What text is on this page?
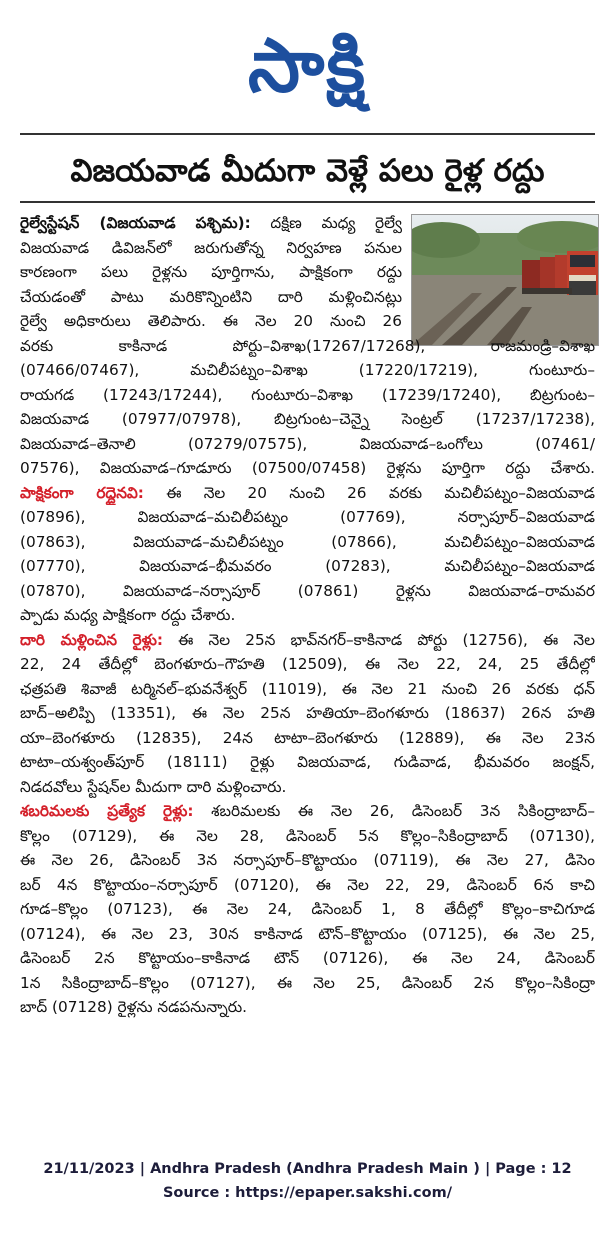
సాక్షి
విజయవాడ మీదుగా వెళ్లే పలు రైళ్ల రద్దు
రైల్వేస్టేషన్ (విజయవాడ పశ్చిమ): దక్షిణ మధ్య రైల్వే
విజయవాడ డివిజన్‌లో జరుగుతోన్న నిర్వహణ పనుల
కారణంగా పలు రైళ్లను పూర్తిగాను, పాక్షికంగా రద్దు
చేయడంతో పాటు మరికొన్నింటిని దారి మళ్లించినట్లు
రైల్వే అధికారులు తెలిపారు. ఈ నెల 20 నుంచి 26
వరకు కాకినాడ పోర్టు–విశాఖ(17267/17268), రాజమండ్రి–విశాఖ
(07466/07467), మచిలీపట్నం–విశాఖ (17220/17219), గుంటూరు–
రాయగడ (17243/17244), గుంటూరు–విశాఖ (17239/17240), బిట్రగుంట–
విజయవాడ (07977/07978), బిట్రగుంట–చెన్నై సెంట్రల్ (17237/17238),
విజయవాడ–తెనాలి (07279/07575), విజయవాడ–ఒంగోలు (07461/
07576), విజయవాడ–గూడూరు (07500/07458) రైళ్లను పూర్తిగా రద్దు చేశారు.
పాక్షికంగా రద్దైనవి: ఈ నెల 20 నుంచి 26 వరకు మచిలీపట్నం–విజయవాడ
(07896), విజయవాడ–మచిలీపట్నం (07769), నర్సాపూర్–విజయవాడ
(07863), విజయవాడ–మచిలీపట్నం (07866), మచిలీపట్నం–విజయవాడ
(07770), విజయవాడ–భీమవరం (07283), మచిలీపట్నం–విజయవాడ
(07870), విజయవాడ–నర్సాపూర్ (07861) రైళ్లను విజయవాడ–రామవర
ప్పాడు మధ్య పాక్షికంగా రద్దు చేశారు.
దారి మళ్లించిన రైళ్లు: ఈ నెల 25న భావ్‌నగర్–కాకినాడ పోర్టు (12756), ఈ నెల
22, 24 తేదీల్లో బెంగళూరు–గౌహతి (12509), ఈ నెల 22, 24, 25 తేదీల్లో
ఛత్రపతి శివాజీ టర్మినల్–భువనేశ్వర్ (11019), ఈ నెల 21 నుంచి 26 వరకు ధన్
బాద్–అలిప్పి (13351), ఈ నెల 25న హతియా–బెంగళూరు (18637) 26న హతి
యా–బెంగళూరు (12835), 24న టాటా–బెంగళూరు (12889), ఈ నెల 23న
టాటా–యశ్వంత్‌పూర్ (18111) రైళ్లు విజయవాడ, గుడివాడ, భీమవరం జంక్షన్,
నిడదవోలు స్టేషన్‌ల మీదుగా దారి మళ్లించారు.
శబరిమలకు ప్రత్యేక రైళ్లు: శబరిమలకు ఈ నెల 26, డిసెంబర్ 3న సికింద్రాబాద్–
కొల్లం (07129), ఈ నెల 28, డిసెంబర్ 5న కొల్లం–సికింద్రాబాద్ (07130),
ఈ నెల 26, డిసెంబర్ 3న నర్సాపూర్–కొట్టాయం (07119), ఈ నెల 27, డిసెం
బర్ 4న కొట్టాయం–నర్సాపూర్ (07120), ఈ నెల 22, 29, డిసెంబర్ 6న కాచి
గూడ–కొల్లం (07123), ఈ నెల 24, డిసెంబర్ 1, 8 తేదీల్లో కొల్లం–కాచిగూడ
(07124), ఈ నెల 23, 30న కాకినాడ టౌన్–కొట్టాయం (07125), ఈ నెల 25,
డిసెంబర్ 2న కొట్టాయం–కాకినాడ టౌన్ (07126), ఈ నెల 24, డిసెంబర్
1న సికింద్రాబాద్–కొల్లం (07127), ఈ నెల 25, డిసెంబర్ 2న కొల్లం–సికింద్రా
బాద్ (07128) రైళ్లను నడపనున్నారు.
21/11/2023 | Andhra Pradesh (Andhra Pradesh Main ) | Page : 12
Source : https://epaper.sakshi.com/
